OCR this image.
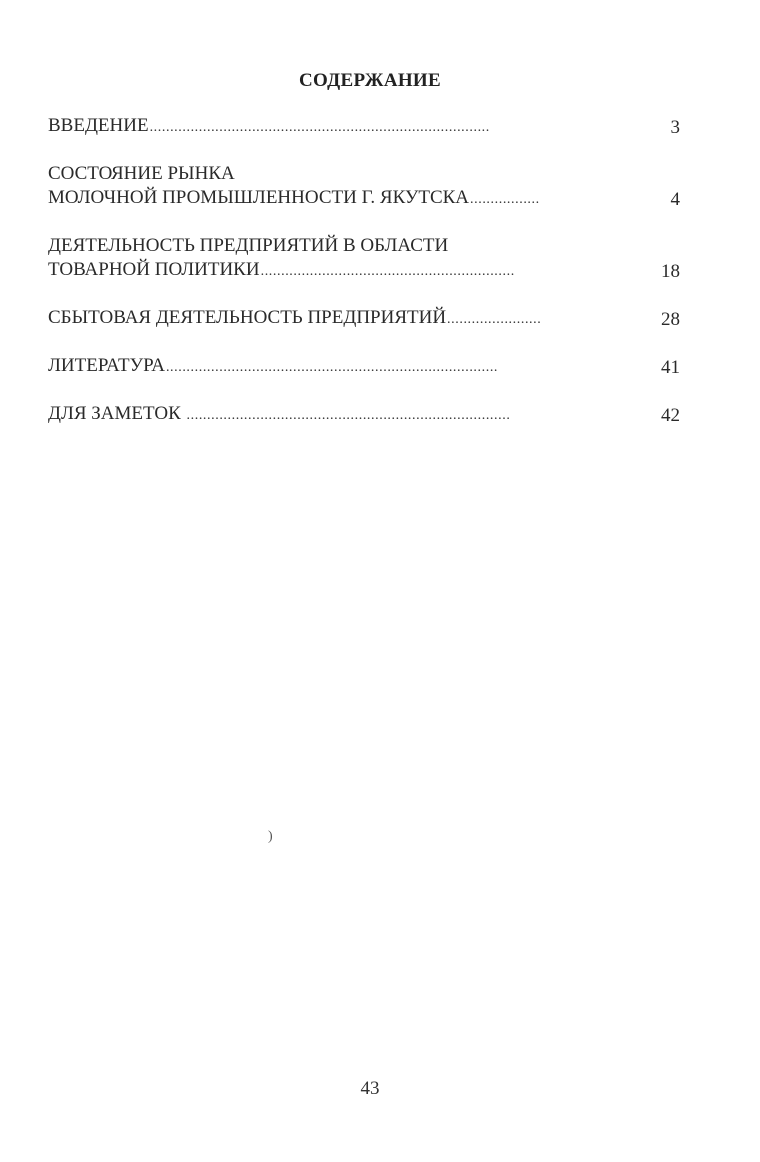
СОДЕРЖАНИЕ
ВВЕДЕНИЕ...................................................................................	3
СОСТОЯНИЕ РЫНКА
МОЛОЧНОЙ ПРОМЫШЛЕННОСТИ Г. ЯКУТСКА.................	4
ДЕЯТЕЛЬНОСТЬ ПРЕДПРИЯТИЙ В ОБЛАСТИ
ТОВАРНОЙ ПОЛИТИКИ..............................................................	18
СБЫТОВАЯ ДЕЯТЕЛЬНОСТЬ ПРЕДПРИЯТИЙ.......................	28
ЛИТЕРАТУРА.................................................................................	41
ДЛЯ ЗАМЕТОК ...............................................................................	42
)
43
